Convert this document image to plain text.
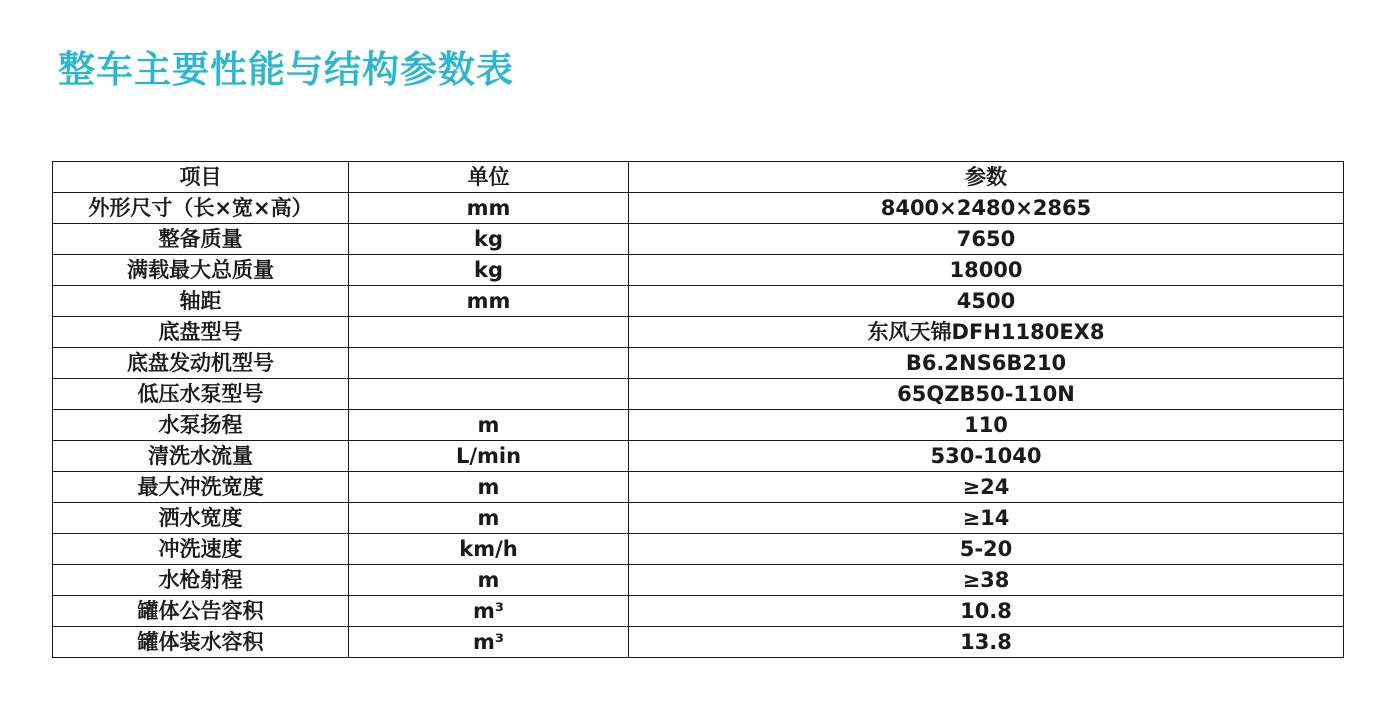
整车主要性能与结构参数表
项目	单位	参数
外形尺寸（长×宽×高）	mm	8400×2480×2865
整备质量	kg	7650
满载最大总质量	kg	18000
轴距	mm	4500
底盘型号		东风天锦DFH1180EX8
底盘发动机型号		B6.2NS6B210
低压水泵型号		65QZB50-110N
水泵扬程	m	110
清洗水流量	L/min	530-1040
最大冲洗宽度	m	≥24
洒水宽度	m	≥14
冲洗速度	km/h	5-20
水枪射程	m	≥38
罐体公告容积	m³	10.8
罐体装水容积	m³	13.8
